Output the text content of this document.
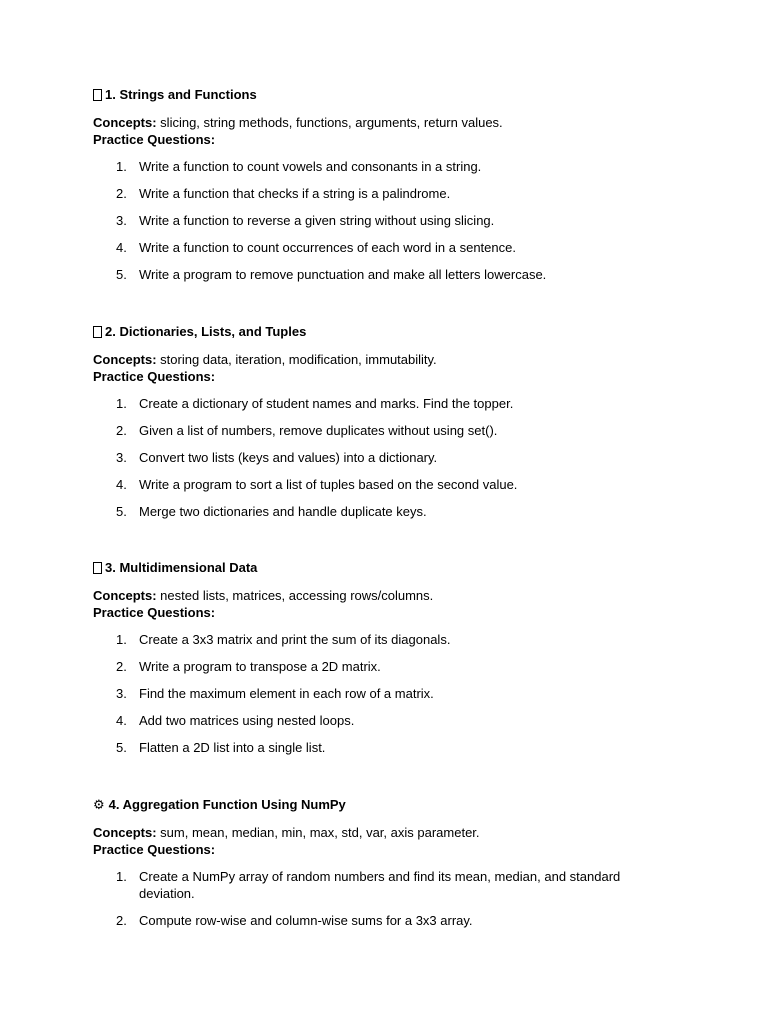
1. Strings and Functions

Concepts: slicing, string methods, functions, arguments, return values.
Practice Questions:
1. Write a function to count vowels and consonants in a string.
2. Write a function that checks if a string is a palindrome.
3. Write a function to reverse a given string without using slicing.
4. Write a function to count occurrences of each word in a sentence.
5. Write a program to remove punctuation and make all letters lowercase.

2. Dictionaries, Lists, and Tuples

Concepts: storing data, iteration, modification, immutability.
Practice Questions:
1. Create a dictionary of student names and marks. Find the topper.
2. Given a list of numbers, remove duplicates without using set().
3. Convert two lists (keys and values) into a dictionary.
4. Write a program to sort a list of tuples based on the second value.
5. Merge two dictionaries and handle duplicate keys.

3. Multidimensional Data

Concepts: nested lists, matrices, accessing rows/columns.
Practice Questions:
1. Create a 3x3 matrix and print the sum of its diagonals.
2. Write a program to transpose a 2D matrix.
3. Find the maximum element in each row of a matrix.
4. Add two matrices using nested loops.
5. Flatten a 2D list into a single list.

⚙ 4. Aggregation Function Using NumPy

Concepts: sum, mean, median, min, max, std, var, axis parameter.
Practice Questions:
1. Create a NumPy array of random numbers and find its mean, median, and standard deviation.
2. Compute row-wise and column-wise sums for a 3x3 array.
